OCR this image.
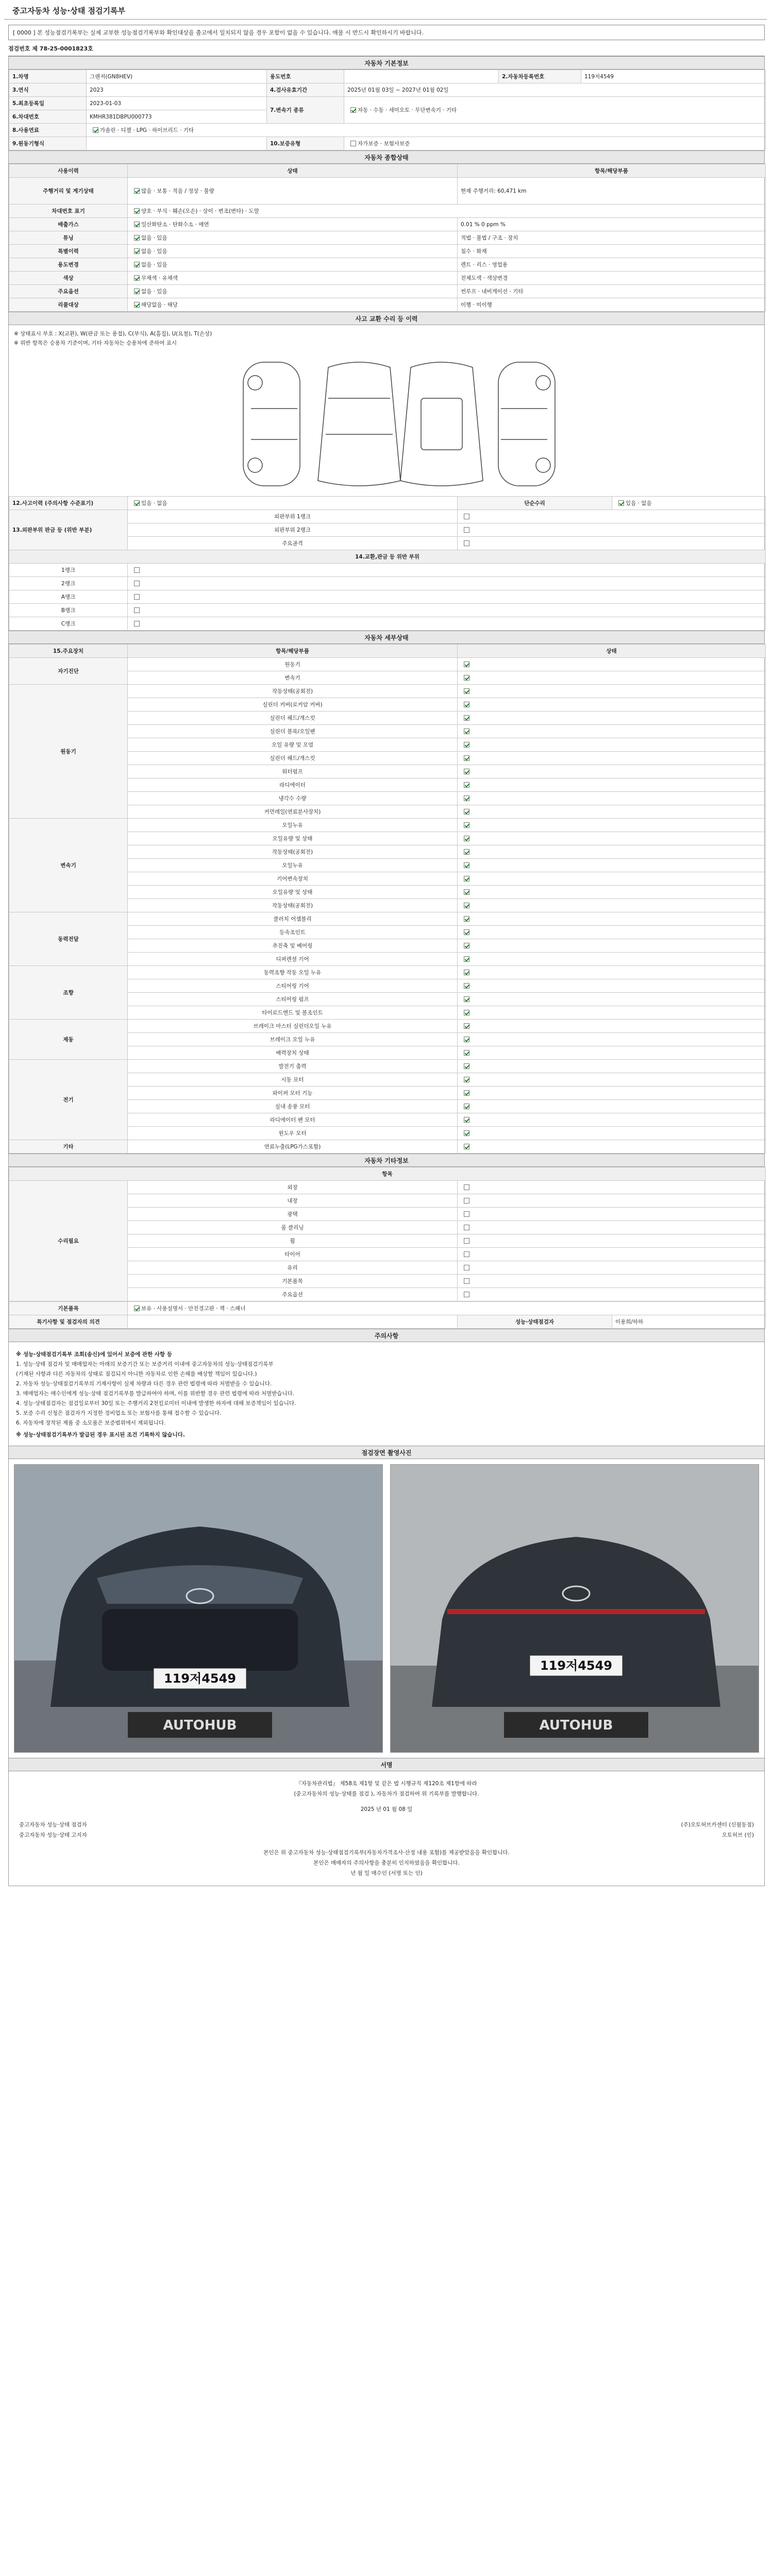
중고자동차 성능·상태 점검기록부
[ 0000 ] 본 성능점검기록부는 실제 교부한 성능점검기록부와 확인대상을 출고에서 일치되지 않을 경우 포함이 없을 수 있습니다. 매물 시 반드시 확인하시기 바랍니다.
점검번호 제 78-25-0001823호
자동차 기본정보
1.차명	그랜저(GN8HEV)	용도번호		2.자동차등록번호	119저4549
3.연식	2023	4.검사유효기간	2025년 01월 03일 ~ 2027년 01월 02일		
5.최초등록일	2023-01-03	7.변속기 종류	자동 · 수동 · 세미오토 · 무단변속기 · 기타		
6.차대번호	KMHR381DBPU000773				
8.사용연료	가솔린 · 디젤 · LPG · 하이브리드 · 기타				
9.원동기형식		10.보증유형	자가보증 · 보험사보증		
자동차 종합상태
사용이력	상태	항목/해당부품
주행거리 및 계기상태	많음 · 보통 · 적음 / 정상 · 불량	현재 주행거리: 60,471 km
차대번호 표기	양호 · 부식 · 훼손(오손) · 상이 · 변조(변타) · 도말	
배출가스	일산화탄소 · 탄화수소 · 매연	0.01 % 0 ppm %
튜닝	없음 · 있음	적법 · 불법 / 구조 · 장치
특별이력	없음 · 있음	침수 · 화재
용도변경	없음 · 있음	렌트 · 리스 · 영업용
색상	무채색 · 유채색	전체도색 · 색상변경
주요옵션	없음 · 있음	썬루프 · 내비게이션 · 기타
리콜대상	해당없음 · 해당	이행 · 미이행
사고 교환 수리 등 이력
※ 상태표시 부호 : X(교환), W(판금 또는 용접), C(부식), A(흠집), U(요철), T(손상)
※ 위반 항목은 승용차 기준이며, 기타 자동차는 승용차에 준하여 표시
12.사고이력 (주의사항 수준표기)	있음 · 없음	단순수리	있음 · 없음
13.외판부위 판금 등 (위반 부분)	외판부위 1랭크		
	외판부위 2랭크		
	주요골격		
14.교환,판금 등 위반 부위			
1랭크			
2랭크			
A랭크			
B랭크			
C랭크			
자동차 세부상태
15.주요장치	항목/해당부품	상태
자기진단	원동기	
	변속기	
원동기	작동상태(공회전)	
	실린더 커버(로커암 커버)	
	실린더 헤드/개스킷	
	실린더 블록/오일팬	
	오일 유량 및 오염	
	실린더 헤드/개스킷	
	워터펌프	
	라디에이터	
	냉각수 수량	
	커먼레일(연료분사장치)	
변속기	오일누유	
	오일유량 및 상태	
	작동상태(공회전)	
	오일누유	
	기어변속장치	
	오일유량 및 상태	
	작동상태(공회전)	
동력전달	클러치 어셈블리	
	등속조인트	
	추진축 및 베어링	
	디퍼렌셜 기어	
조향	동력조향 작동 오일 누유	
	스티어링 기어	
	스티어링 펌프	
	타이로드엔드 및 볼조인트	
제동	브레이크 마스터 실린더오일 누유	
	브레이크 오일 누유	
	배력장치 상태	
전기	발전기 출력	
	시동 모터	
	와이퍼 모터 기능	
	실내 송풍 모터	
	라디에이터 팬 모터	
	윈도우 모터	
기타	연료누출(LPG가스포함)	
자동차 기타정보
항목		
수리필요	외장	
	내장	
	광택	
	룸 클리닝	
	휠	
	타이어	
	유리	
	기본품목	
	주요옵션	
기본품목	보유 · 사용설명서 · 안전경고판 · 잭 · 스패너		
특기사항 및 점검자의 의견		성능·상태점검자	이용희/하하
주의사항

※ 성능·상태점검기록부 조회(송신)에 있어서 보증에 관한 사항 등

1. 성능·상태 점검자 및 매매업자는 아래의 보증기간 또는 보증거리 이내에 중고자동차의 성능·상태점검기록부

(기재된 사항과 다른 자동차의 상태로 점검되지 아니한 자동차로 인한 손해를 배상할 책임이 있습니다.)

2. 자동차 성능·상태점검기록부의 기재사항이 실제 차량과 다른 경우 관련 법령에 따라 처벌받을 수 있습니다.

3. 매매업자는 매수인에게 성능·상태 점검기록부를 발급하여야 하며, 이를 위반할 경우 관련 법령에 따라 처벌받습니다.

4. 성능·상태점검자는 점검일로부터 30일 또는 주행거리 2천킬로미터 이내에 발생한 하자에 대해 보증책임이 있습니다.

5. 보증 수리 신청은 점검자가 지정한 정비업소 또는 보험사를 통해 접수할 수 있습니다.

6. 자동차에 장착된 제품 중 소모품은 보증범위에서 제외됩니다.

※ 성능·상태점검기록부가 발급된 경우 표시된 조건 기록하지 않습니다.

점검장면 촬영사진
119저4549
AUTOHUB
119저4549
AUTOHUB
서명
『자동차관리법』 제58조 제1항 및 같은 법 시행규칙 제120조 제1항에 따라
(중고자동차의 성능·상태를 점검 ), 자동차가 점검하여 위 기록부를 발행합니다.
2025 년 01 월 08 일
중고자동차 성능·상태 점검자	(주)오토허브카센터 (신월동점)
중고자동차 성능·상태 고지자	오토허브 (인)
본인은 위 중고자동차 성능·상태점검기록부(자동차가격조사·산정 내용 포함)를 제공받았음을 확인합니다.
본인은 매매자의 주의사항을 충분히 인지하였음을 확인합니다.
년 월 일 매수인 (서명 또는 인)
